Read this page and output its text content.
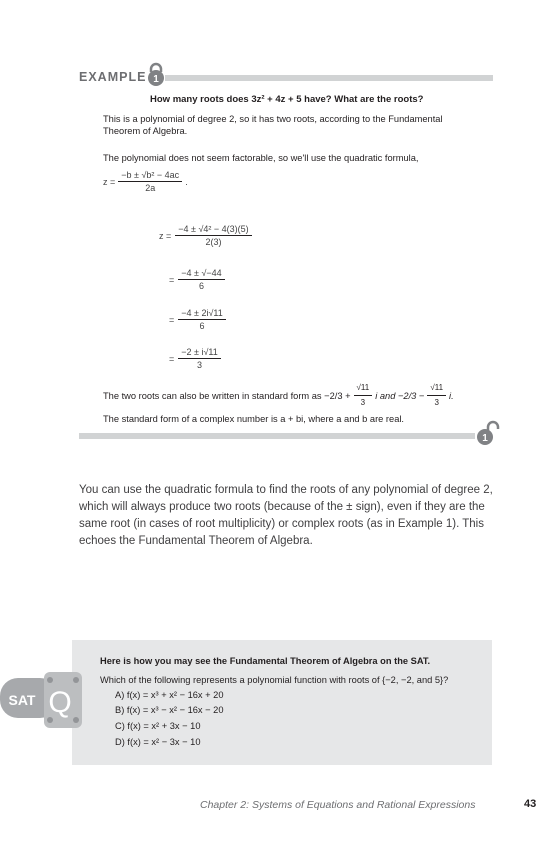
EXAMPLE 1
How many roots does 3z² + 4z + 5 have? What are the roots?
This is a polynomial of degree 2, so it has two roots, according to the Fundamental Theorem of Algebra.
The polynomial does not seem factorable, so we'll use the quadratic formula,
$z = \frac{\text{−b ± √b² − 4ac}}{2a}$ .
$z = \frac{\text{−4 ± √4² − 4(3)(5)}}{2(3)}$
= $\frac{-4 \pm √-44}{6}$
= $\frac{-4 \pm 2i√11}{6}$
= $\frac{-2 \pm i√11}{3}$
The two roots can also be written in standard form as $-2/3 + \frac{√11}{3}$ i and $-2/3 - \frac{√11}{3} i$.
The standard form of a complex number is a + bi, where a and b are real.
1
You can use the quadratic formula to find the roots of any polynomial of degree 2, which will always produce two roots (because of the ± sign), even if they are the same root (in cases of root multiplicity) or complex roots (as in Example 1). This echoes the Fundamental Theorem of Algebra.
SAT Q
Here is how you may see the Fundamental Theorem of Algebra on the SAT.
Which of the following represents a polynomial function with roots of {−2, −2, and 5}?
A) f(x) = x³ + x² − 16x + 20
B) f(x) = x³ − x² − 16x − 20
C) f(x) = x² + 3x − 10
D) f(x) = x² − 3x − 10
Chapter 2: Systems of Equations and Rational Expressions	43
